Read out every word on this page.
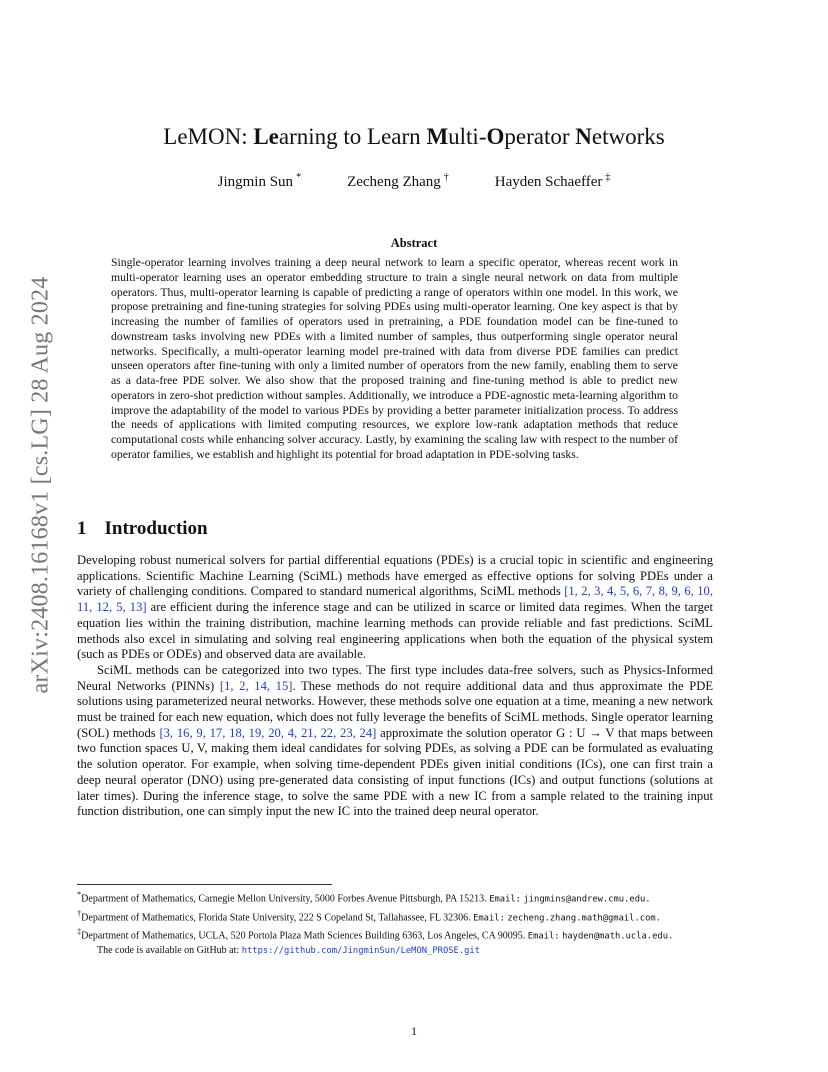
arXiv:2408.16168v1 [cs.LG] 28 Aug 2024
LeMON: Learning to Learn Multi-Operator Networks
Jingmin Sun *	Zecheng Zhang †	Hayden Schaeffer ‡
Abstract

Single-operator learning involves training a deep neural network to learn a specific operator, whereas recent work in multi-operator learning uses an operator embedding structure to train a single neural network on data from multiple operators. Thus, multi-operator learning is capable of predicting a range of operators within one model. In this work, we propose pretraining and fine-tuning strategies for solving PDEs using multi-operator learning. One key aspect is that by increasing the number of families of operators used in pretraining, a PDE foundation model can be fine-tuned to downstream tasks involving new PDEs with a limited number of samples, thus outperforming single operator neural networks. Specifically, a multi-operator learning model pre-trained with data from diverse PDE families can predict unseen operators after fine-tuning with only a limited number of operators from the new family, enabling them to serve as a data-free PDE solver. We also show that the proposed training and fine-tuning method is able to predict new operators in zero-shot prediction without samples. Additionally, we introduce a PDE-agnostic meta-learning algorithm to improve the adaptability of the model to various PDEs by providing a better parameter initialization process. To address the needs of applications with limited computing resources, we explore low-rank adaptation methods that reduce computational costs while enhancing solver accuracy. Lastly, by examining the scaling law with respect to the number of operator families, we establish and highlight its potential for broad adaptation in PDE-solving tasks.

1 Introduction

Developing robust numerical solvers for partial differential equations (PDEs) is a crucial topic in scientific and engineering applications. Scientific Machine Learning (SciML) methods have emerged as effective options for solving PDEs under a variety of challenging conditions. Compared to standard numerical algorithms, SciML methods [1, 2, 3, 4, 5, 6, 7, 8, 9, 6, 10, 11, 12, 5, 13] are efficient during the inference stage and can be utilized in scarce or limited data regimes. When the target equation lies within the training distribution, machine learning methods can provide reliable and fast predictions. SciML methods also excel in simulating and solving real engineering applications when both the equation of the physical system (such as PDEs or ODEs) and observed data are available.

SciML methods can be categorized into two types. The first type includes data-free solvers, such as Physics-Informed Neural Networks (PINNs) [1, 2, 14, 15]. These methods do not require additional data and thus approximate the PDE solutions using parameterized neural networks. However, these methods solve one equation at a time, meaning a new network must be trained for each new equation, which does not fully leverage the benefits of SciML methods. Single operator learning (SOL) methods [3, 16, 9, 17, 18, 19, 20, 4, 21, 22, 23, 24] approximate the solution operator G : U → V that maps between two function spaces U, V, making them ideal candidates for solving PDEs, as solving a PDE can be formulated as evaluating the solution operator. For example, when solving time-dependent PDEs given initial conditions (ICs), one can first train a deep neural operator (DNO) using pre-generated data consisting of input functions (ICs) and output functions (solutions at later times). During the inference stage, to solve the same PDE with a new IC from a sample related to the training input function distribution, one can simply input the new IC into the trained deep neural operator.

*Department of Mathematics, Carnegie Mellon University, 5000 Forbes Avenue Pittsburgh, PA 15213. Email: jingmins@andrew.cmu.edu.

†Department of Mathematics, Florida State University, 222 S Copeland St, Tallahassee, FL 32306. Email: zecheng.zhang.math@gmail.com.

‡Department of Mathematics, UCLA, 520 Portola Plaza Math Sciences Building 6363, Los Angeles, CA 90095. Email: hayden@math.ucla.edu.

The code is available on GitHub at: https://github.com/JingminSun/LeMON_PROSE.git

1
